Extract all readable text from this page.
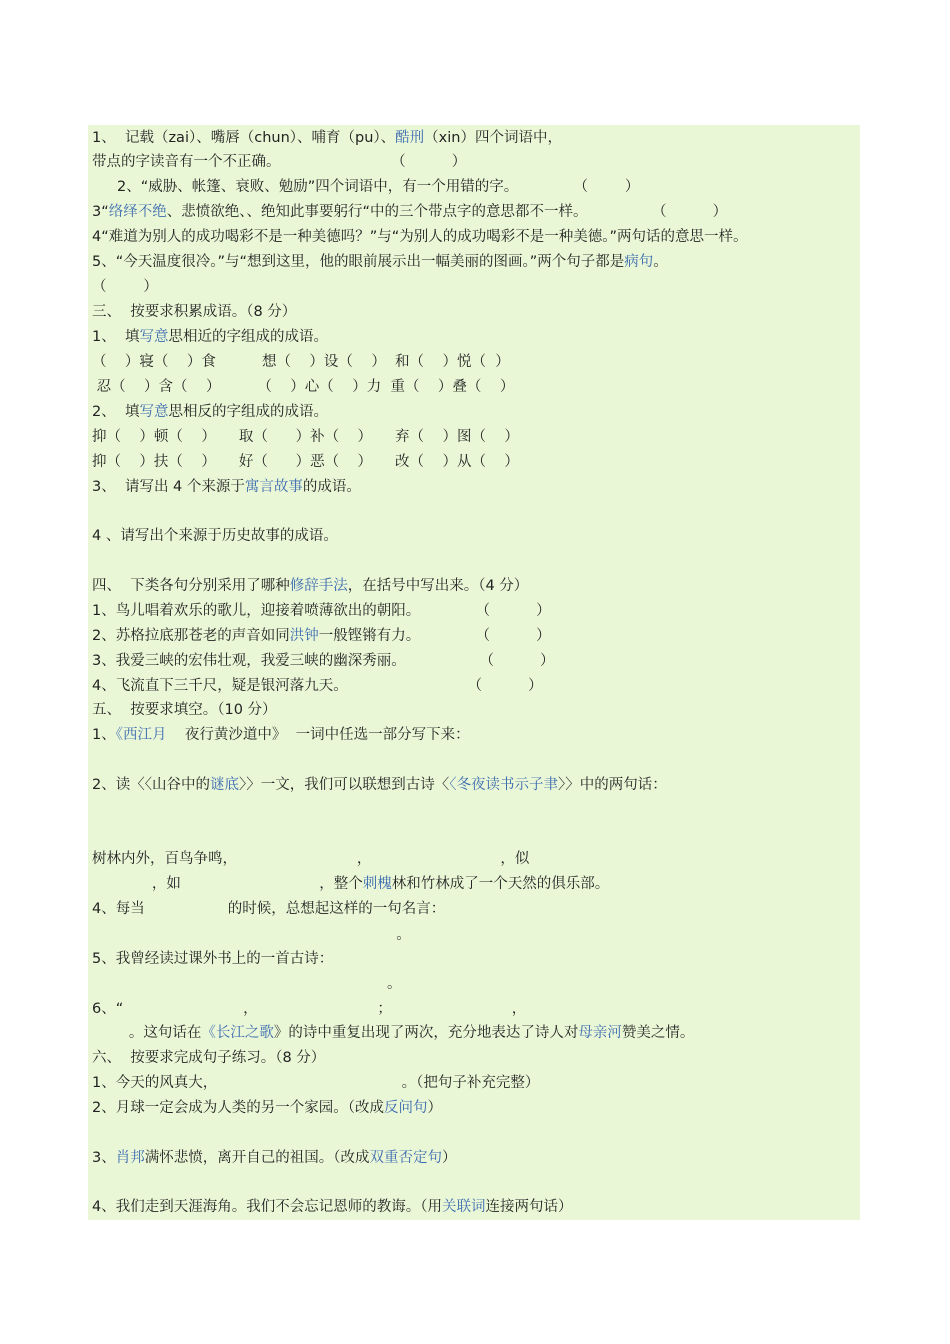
1、  记载（zai）、嘴唇（chun）、哺育（pu）、酷刑（xin）四个词语中，
带点的字读音有一个不正确。                        （          ）
2、“威胁、帐篷、衰败、勉励”四个词语中，有一个用错的字。            （        ）
3“络绎不绝、悲愤欲绝、、绝知此事要躬行“中的三个带点字的意思都不一样。              （          ）
4“难道为别人的成功喝彩不是一种美德吗？”与“为别人的成功喝彩不是一种美德。”两句话的意思一样。
5、“今天温度很冷。”与“想到这里，他的眼前展示出一幅美丽的图画。”两个句子都是病句。
（        ）
三、  按要求积累成语。（8 分）
1、  填写意思相近的字组成的成语。
（    ）寝（    ）食          想（    ）设（    ）  和（    ）悦（  ）
忍（    ）含（    ）        （    ）心（    ）力  重（    ）叠（    ）
2、  填写意思相反的字组成的成语。
抑（    ）顿（    ）     取（      ）补（    ）     弃（    ）图（    ）
抑（    ）扶（    ）     好（      ）恶（    ）     改（    ）从（    ）
3、  请写出 4 个来源于寓言故事的成语。
4 、请写出个来源于历史故事的成语。
四、  下类各句分别采用了哪种修辞手法，在括号中写出来。（4 分）
1、鸟儿唱着欢乐的歌儿，迎接着喷薄欲出的朝阳。            （          ）
2、苏格拉底那苍老的声音如同洪钟一般铿锵有力。            （          ）
3、我爱三峡的宏伟壮观，我爱三峡的幽深秀丽。                （          ）
4、飞流直下三千尺，疑是银河落九天。                          （          ）
五、  按要求填空。（10 分）
1、《西江月    夜行黄沙道中》  一词中任选一部分写下来：
2、读〈〈山谷中的谜底〉〉一文，我们可以联想到古诗〈〈冬夜读书示子聿〉〉中的两句话：
树林内外，百鸟争鸣，                          ，                            ，似
，如                              ，整个刺槐林和竹林成了一个天然的俱乐部。
4、每当                  的时候，总想起这样的一句名言：
。
5、我曾经读过课外书上的一首古诗：
。
6、“                          ，                          ；                          ，
。这句话在《长江之歌》的诗中重复出现了两次，充分地表达了诗人对母亲河赞美之情。
六、  按要求完成句子练习。（8 分）
1、今天的风真大，                                        。（把句子补充完整）
2、月球一定会成为人类的另一个家园。（改成反问句）
3、肖邦满怀悲愤，离开自己的祖国。（改成双重否定句）
4、我们走到天涯海角。我们不会忘记恩师的教诲。（用关联词连接两句话）
